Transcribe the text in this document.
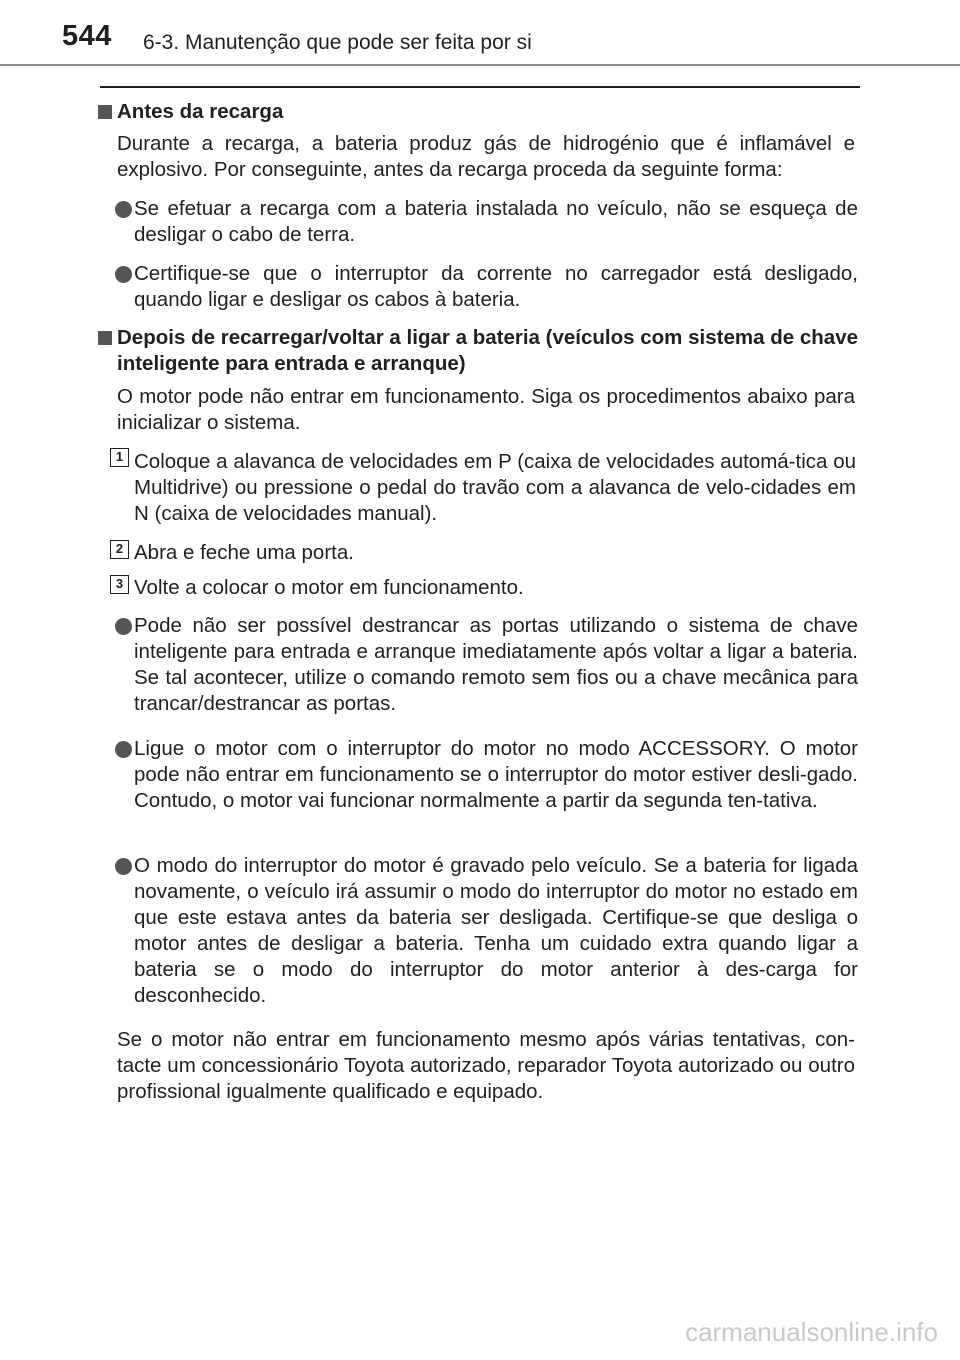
544 6-3. Manutenção que pode ser feita por si
Antes da recarga
Durante a recarga, a bateria produz gás de hidrogénio que é inflamável e explosivo. Por conseguinte, antes da recarga proceda da seguinte forma:
Se efetuar a recarga com a bateria instalada no veículo, não se esqueça de desligar o cabo de terra.
Certifique-se que o interruptor da corrente no carregador está desligado, quando ligar e desligar os cabos à bateria.
Depois de recarregar/voltar a ligar a bateria (veículos com sistema de chave inteligente para entrada e arranque)
O motor pode não entrar em funcionamento. Siga os procedimentos abaixo para inicializar o sistema.
1 Coloque a alavanca de velocidades em P (caixa de velocidades automá-tica ou Multidrive) ou pressione o pedal do travão com a alavanca de velo-cidades em N (caixa de velocidades manual).
2 Abra e feche uma porta.
3 Volte a colocar o motor em funcionamento.
Pode não ser possível destrancar as portas utilizando o sistema de chave inteligente para entrada e arranque imediatamente após voltar a ligar a bateria. Se tal acontecer, utilize o comando remoto sem fios ou a chave mecânica para trancar/destrancar as portas.
Ligue o motor com o interruptor do motor no modo ACCESSORY. O motor pode não entrar em funcionamento se o interruptor do motor estiver desli-gado. Contudo, o motor vai funcionar normalmente a partir da segunda ten-tativa.
O modo do interruptor do motor é gravado pelo veículo. Se a bateria for ligada novamente, o veículo irá assumir o modo do interruptor do motor no estado em que este estava antes da bateria ser desligada. Certifique-se que desliga o motor antes de desligar a bateria. Tenha um cuidado extra quando ligar a bateria se o modo do interruptor do motor anterior à des-carga for desconhecido.
Se o motor não entrar em funcionamento mesmo após várias tentativas, con-tacte um concessionário Toyota autorizado, reparador Toyota autorizado ou outro profissional igualmente qualificado e equipado.
carmanualsonline.info
